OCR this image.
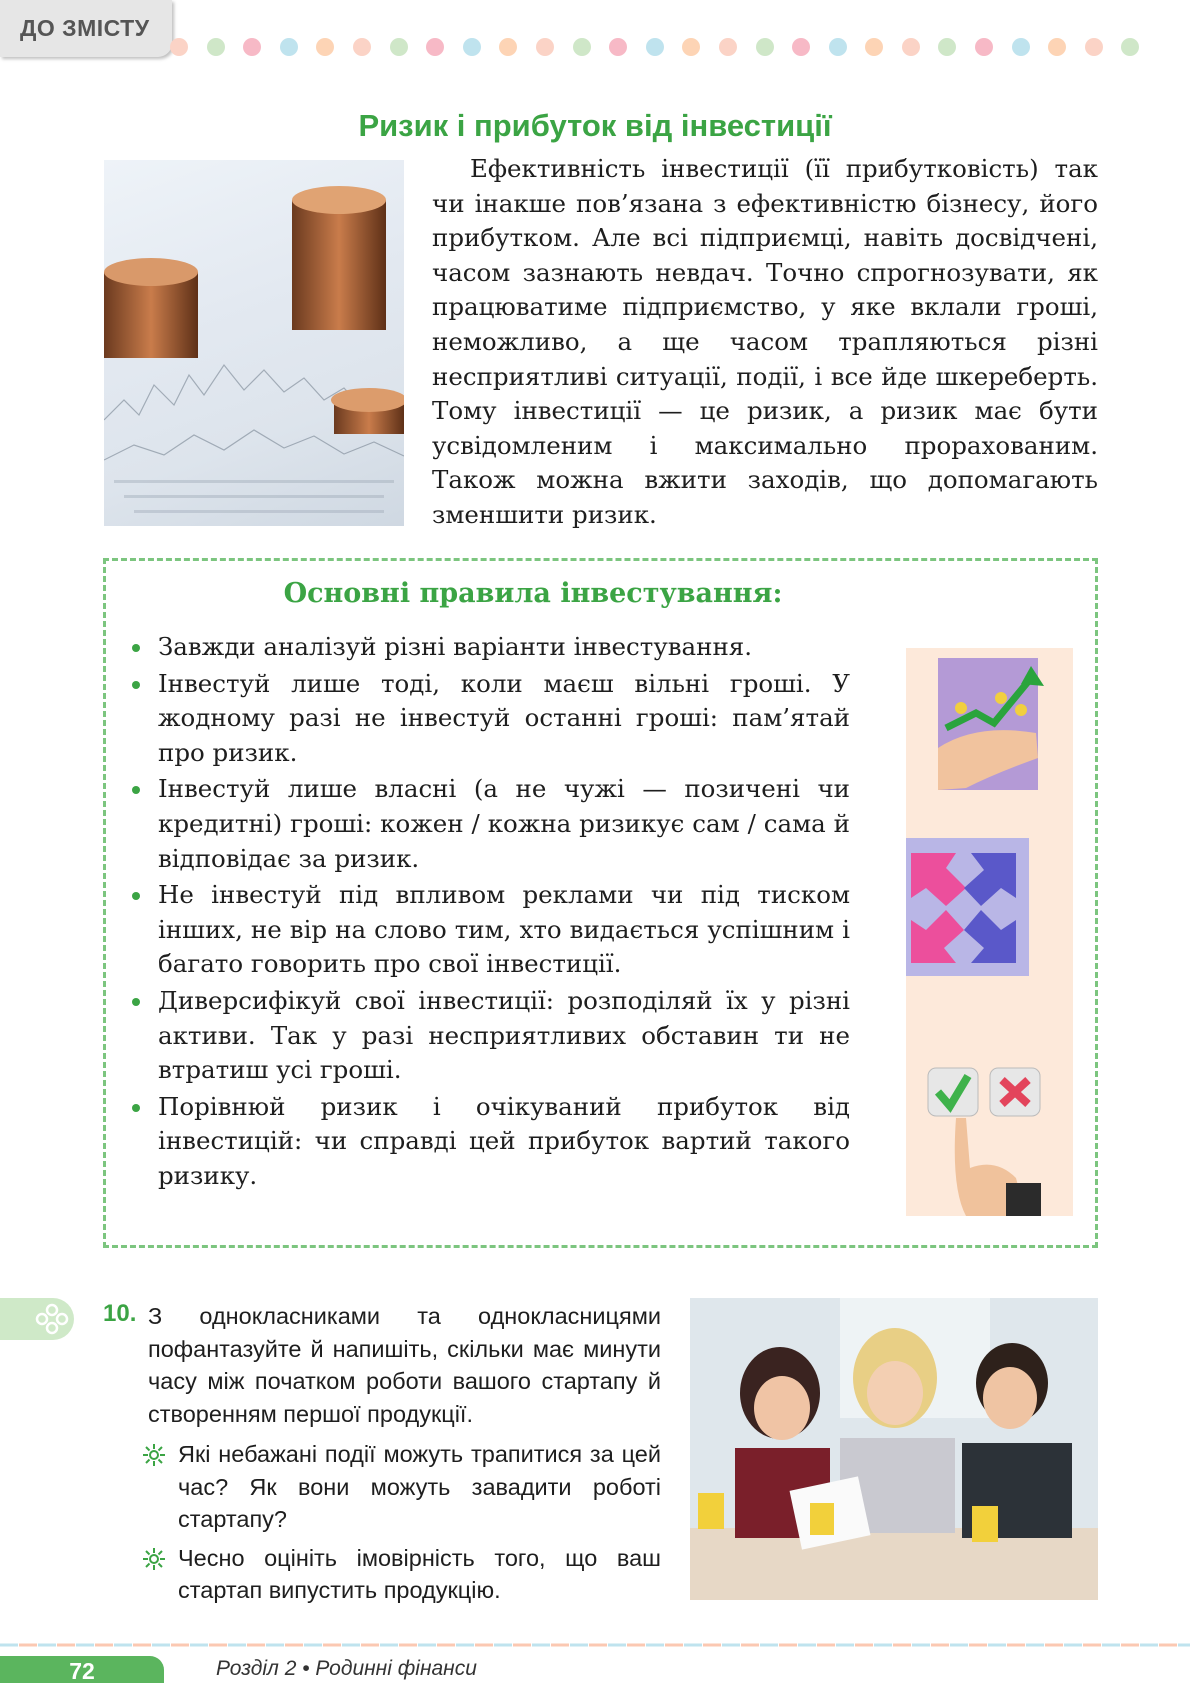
ДО ЗМІСТУ
Ризик і прибуток від інвестиції

Ефективність інвестиції (її прибутковість) так чи інакше пов’язана з ефективністю бізнесу, його прибутком. Але всі підприємці, навіть досвідчені, часом зазнають невдач. Точно спрогнозувати, як працюватиме підприємство, у яке вклали гроші, неможливо, а ще часом трапляються різні несприятливі ситуації, події, і все йде шкереберть. Тому інвестиції — це ризик, а ризик має бути усвідомленим і максимально прорахованим. Також можна вжити заходів, що допомагають зменшити ризик.

Основні правила інвестування:
Завжди аналізуй різні варіанти інвестування.
Інвестуй лише тоді, коли маєш вільні гроші. У жодному разі не інвестуй останні гроші: пам’ятай про ризик.
Інвестуй лише власні (а не чужі — позичені чи кредитні) гроші: кожен / кожна ризикує сам / сама й відповідає за ризик.
Не інвестуй під впливом реклами чи під тиском інших, не вір на слово тим, хто видається успішним і багато говорить про свої інвестиції.
Диверсифікуй свої інвестиції: розподіляй їх у різні активи. Так у разі несприятливих обставин ти не втратиш усі гроші.
Порівнюй ризик і очікуваний прибуток від інвестицій: чи справді цей прибуток вартий такого ризику.
10. З однокласниками та однокласницями пофантазуйте й напишіть, скільки має минути часу між початком роботи вашого стартапу й створенням першої продукції.

Які небажані події можуть трапитися за цей час? Як вони можуть завадити роботі стартапу?
Чесно оцініть імовірність того, що ваш стартап випустить продукцію.
72	Розділ 2 • Родинні фінанси
